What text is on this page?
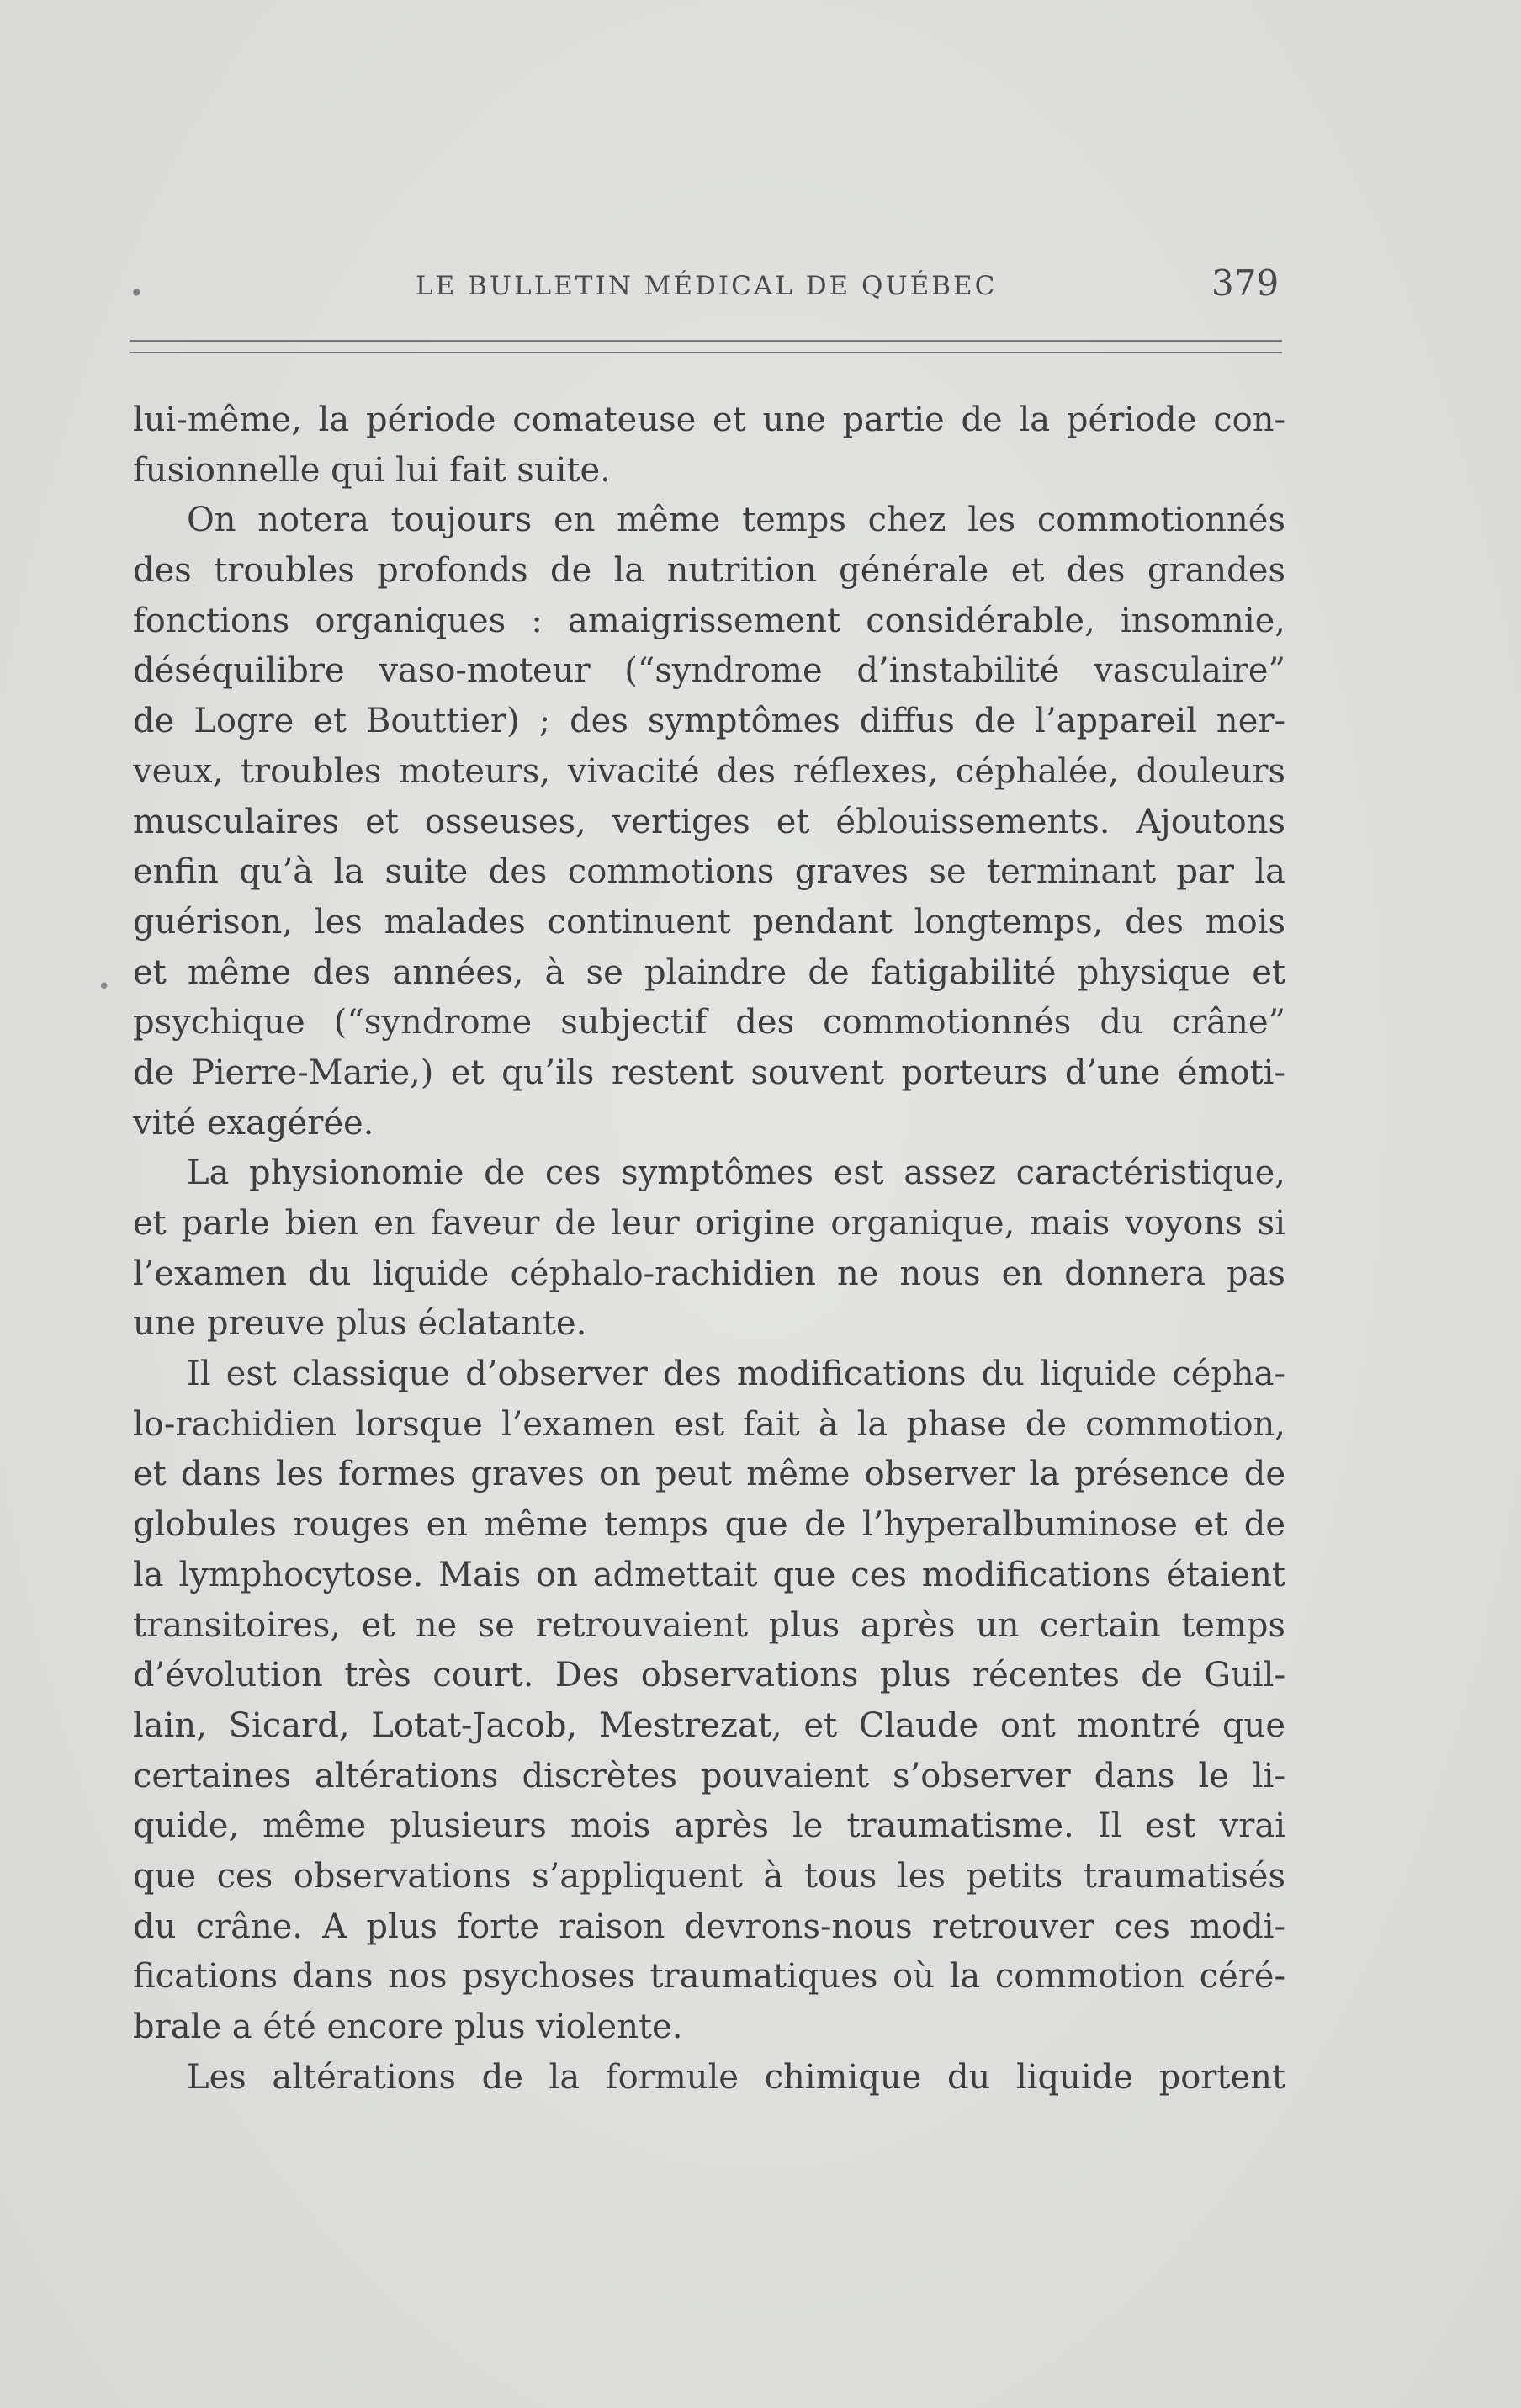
•	LE BULLETIN MÉDICAL DE QUÉBEC	379
•
lui-même, la période comateuse et une partie de la période con-
fusionnelle qui lui fait suite.
On notera toujours en même temps chez les commotionnés
des troubles profonds de la nutrition générale et des grandes
fonctions organiques : amaigrissement considérable, insomnie,
déséquilibre vaso-moteur (“syndrome d’instabilité vasculaire”
de Logre et Bouttier) ; des symptômes diffus de l’appareil ner-
veux, troubles moteurs, vivacité des réflexes, céphalée, douleurs
musculaires et osseuses, vertiges et éblouissements. Ajoutons
enfin qu’à la suite des commotions graves se terminant par la
guérison, les malades continuent pendant longtemps, des mois
et même des années, à se plaindre de fatigabilité physique et
psychique (“syndrome subjectif des commotionnés du crâne”
de Pierre-Marie,) et qu’ils restent souvent porteurs d’une émoti-
vité exagérée.
La physionomie de ces symptômes est assez caractéristique,
et parle bien en faveur de leur origine organique, mais voyons si
l’examen du liquide céphalo-rachidien ne nous en donnera pas
une preuve plus éclatante.
Il est classique d’observer des modifications du liquide cépha-
lo-rachidien lorsque l’examen est fait à la phase de commotion,
et dans les formes graves on peut même observer la présence de
globules rouges en même temps que de l’hyperalbuminose et de
la lymphocytose. Mais on admettait que ces modifications étaient
transitoires, et ne se retrouvaient plus après un certain temps
d’évolution très court. Des observations plus récentes de Guil-
lain, Sicard, Lotat-Jacob, Mestrezat, et Claude ont montré que
certaines altérations discrètes pouvaient s’observer dans le li-
quide, même plusieurs mois après le traumatisme. Il est vrai
que ces observations s’appliquent à tous les petits traumatisés
du crâne. A plus forte raison devrons-nous retrouver ces modi-
fications dans nos psychoses traumatiques où la commotion céré-
brale a été encore plus violente.
Les altérations de la formule chimique du liquide portent
